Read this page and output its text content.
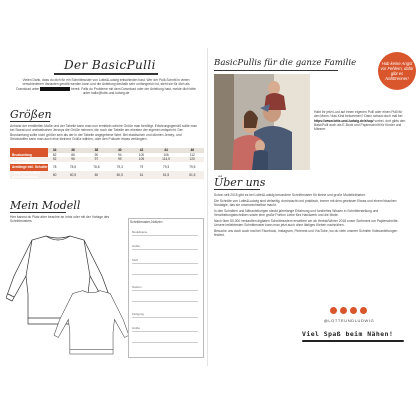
Der BasicPulli
Vielen Dank, dass du dich für ein Schnittmuster von Lotte&Ludwig entschieden hast. Wer der Pulli-Schnitt in vielen verschiedenen Varianten genäht werden kann und die Anleitung deshalb sehr umfangreich ist, steht sie für dich als Download unter	bereit. Falls du Probleme mit dem Download oder der Anleitung hast, melde dich bitte unter hallo@lotte-und-ludwig.de
Größen
Anhand der ermittelten Maße und der Tabelle kann man nun ermitteln welche Größe man benötigt. Erfahrungsgemäß sollte man bei Sweat und unelastischen Jerseys die Größe nehmen, die noch der Tabelle am ehesten der eigenen entspricht. Der Brustumfang sollte nicht größer sein als der in der Tabelle angegebene Wert. Bei elastischen und dünnen Jersey- und Strickstoffen kann man auch eine kleinere Größe wählen, oder den Pullover etwas verlängern.
	34	36	38	40	42	44	46
Brustumfang	82	86	90	94	100	106	112
Hüftumfang	92	96	97	99	105	114,5	120

Armlänge inkl. Schulter	78	78,5	78,8	79,3	79	79,3	79,5
Länge hinten Mitte (ohne Bündchen)	60	60,5	60	60,5	61	61,5	61,5
Mein Modell
Hier kannst du Platz aber beachte an Infos oder mit der Vorlage des Schnittmusters	Schnittmuster-Notizen
Modellname
Größe
Stoff
Notizen
Fertigung
Größe
BasicPullis für die ganze Familie	Hab keine Angst vor Fehlern, dafür gibt es Nahttrenner!
Habt ihr jetzt Lust auf einen eigenen Pulli oder einen Pulli für den Mann / das Kind bekommen? Dann schaut doch mal bei https://www.lotte-und-ludwig.de/shop/ vorbei, dort gibts den BasicPulli auch als E-Book und Papierschnitt für Kinder und Männer.
Über uns
Schon seit 2015 gibt es bei Lotte&Ludwig besondere Schnittmuster für kleine und große Modeliebhaber.
Die Schnitte von Lotte&Ludwig sind vielseitig, durchdacht und praktisch, immer mit dem gewissen Etwas und einem bisschen Nostalgie, das sie unverwechselbar macht.
In den Schnitten und Nähanleitungen steckt jahrelange Erfahrung und fundiertes Wissen in Schnitterstellung und Verarbeitungstechniken sowie eine große Portion Liebe fürs Handwerk und die Mode.
Nach über 50.000 verkauften digitalen Schnittmustern erweitern wir ab Herbst/Winter 2018 unser Sortiment um Papierschnitte. Unsere beliebtesten Schnittmuster kann man jetzt auch ohne lästiges Kleben nachnähen.
Besuche uns doch auch mal bei Facebook, Instagram, Pinterest und YouTube, wo du viele unserer Schnitte Videoanleitungen findest.
@LOTTEUNDLUDWIG
Viel Spaß beim Nähen!
